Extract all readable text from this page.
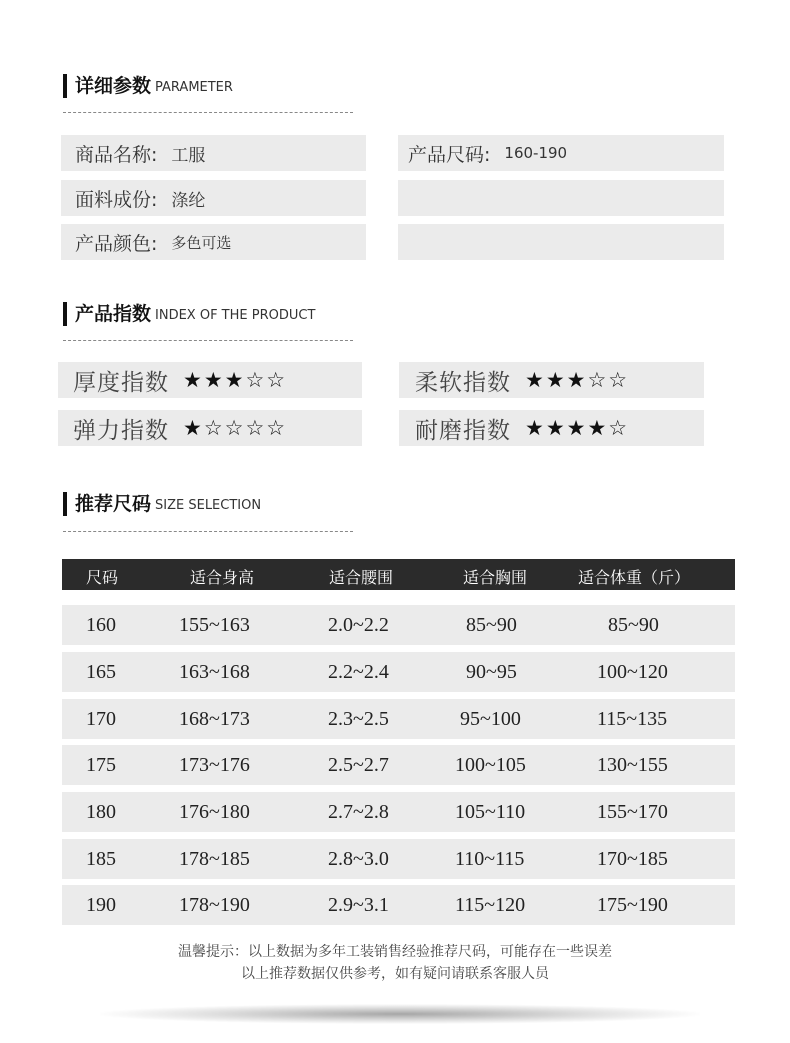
详细参数 PARAMETER
商品名称: 工服	产品尺码: 160-190
面料成份: 涤纶
产品颜色: 多色可选
产品指数 INDEX OF THE PRODUCT
厚度指数 ★★★☆☆	柔软指数 ★★★☆☆
弹力指数 ★☆☆☆☆	耐磨指数 ★★★★☆
推荐尺码 SIZE SELECTION
尺码	适合身高	适合腰围	适合胸围	适合体重（斤）
160	155~163	2.0~2.2	85~90	85~90
165	163~168	2.2~2.4	90~95	100~120
170	168~173	2.3~2.5	95~100	115~135
175	173~176	2.5~2.7	100~105	130~155
180	176~180	2.7~2.8	105~110	155~170
185	178~185	2.8~3.0	110~115	170~185
190	178~190	2.9~3.1	115~120	175~190
温馨提示：以上数据为多年工装销售经验推荐尺码，可能存在一些误差
以上推荐数据仅供参考，如有疑问请联系客服人员
